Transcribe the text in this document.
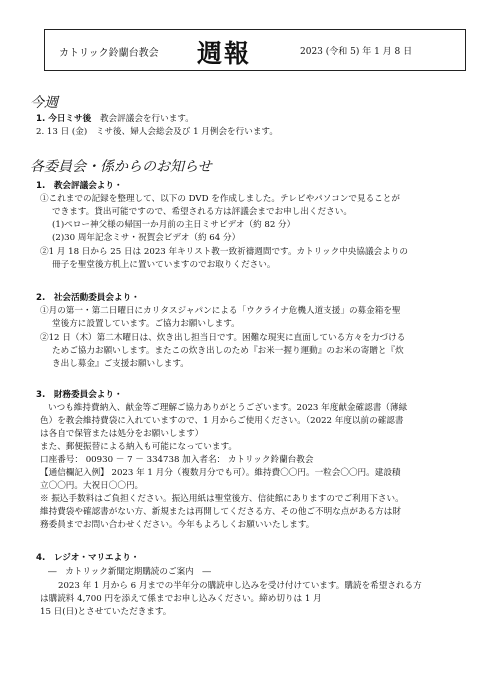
カトリック鈴蘭台教会 週報	2023 (令和 5) 年 1 月 8 日
今週
1. 今日ミサ後 教会評議会を行います。
2. 13 日 (金)　ミサ後、婦人会総会及び 1 月例会を行います。
各委員会・係からのお知らせ
1.　教会評議会より・
①これまでの記録を整理して、以下の DVD を作成しました。テレビやパソコンで見ることが
できます。貸出可能ですので、希望される方は評議会までお申し出ください。
(1)ペロー神父様の帰国一か月前の主日ミサビデオ（約 82 分）
(2)30 周年記念ミサ・祝賀会ビデオ（約 64 分）
②1 月 18 日から 25 日は 2023 年キリスト教一致祈禱週間です。カトリック中央協議会よりの
冊子を聖堂後方机上に置いていますのでお取りください。
2.　社会活動委員会より・
①月の第一・第二日曜日にカリタスジャパンによる「ウクライナ危機人道支援」の募金箱を聖
堂後方に設置しています。ご協力お願いします。
②12 日（木）第二木曜日は、炊き出し担当日です。困難な現実に直面している方々を力づける
ためご協力お願いします。またこの炊き出しのため『お米一握り運動』のお米の寄贈と『炊
き出し募金』ご支援お願いします。
3.　財務委員会より・
いつも維持費納入、献金等ご理解ご協力ありがとうございます。2023 年度献金確認書（薄緑
色）を教会維持費袋に入れていますので、1 月からご使用ください。（2022 年度以前の確認書
は各自で保管または処分をお願いします）
また、郵便振替による納入も可能になっています。
口座番号： 00930 － 7 － 334738 加入者名： カトリック鈴蘭台教会
【通信欄記入例】 2023 年 1 月分（複数月分でも可）。維持費〇〇円。一粒会〇〇円。建設積
立〇〇円。大祝日〇〇円。
※ 振込手数料はご負担ください。振込用紙は聖堂後方、信徒館にありますのでご利用下さい。
維持費袋や確認書がない方、新規または再開してくださる方、その他ご不明な点がある方は財
務委員までお問い合わせください。今年もよろしくお願いいたします。
4.　レジオ・マリエより・
―　カトリック新聞定期購読のご案内　―
2023 年 1 月から 6 月までの半年分の購読申し込みを受け付けています。購読を希望される方
は購読料 4,700 円を添えて係までお申し込みください。締め切りは 1 月
15 日(日)とさせていただきます。
